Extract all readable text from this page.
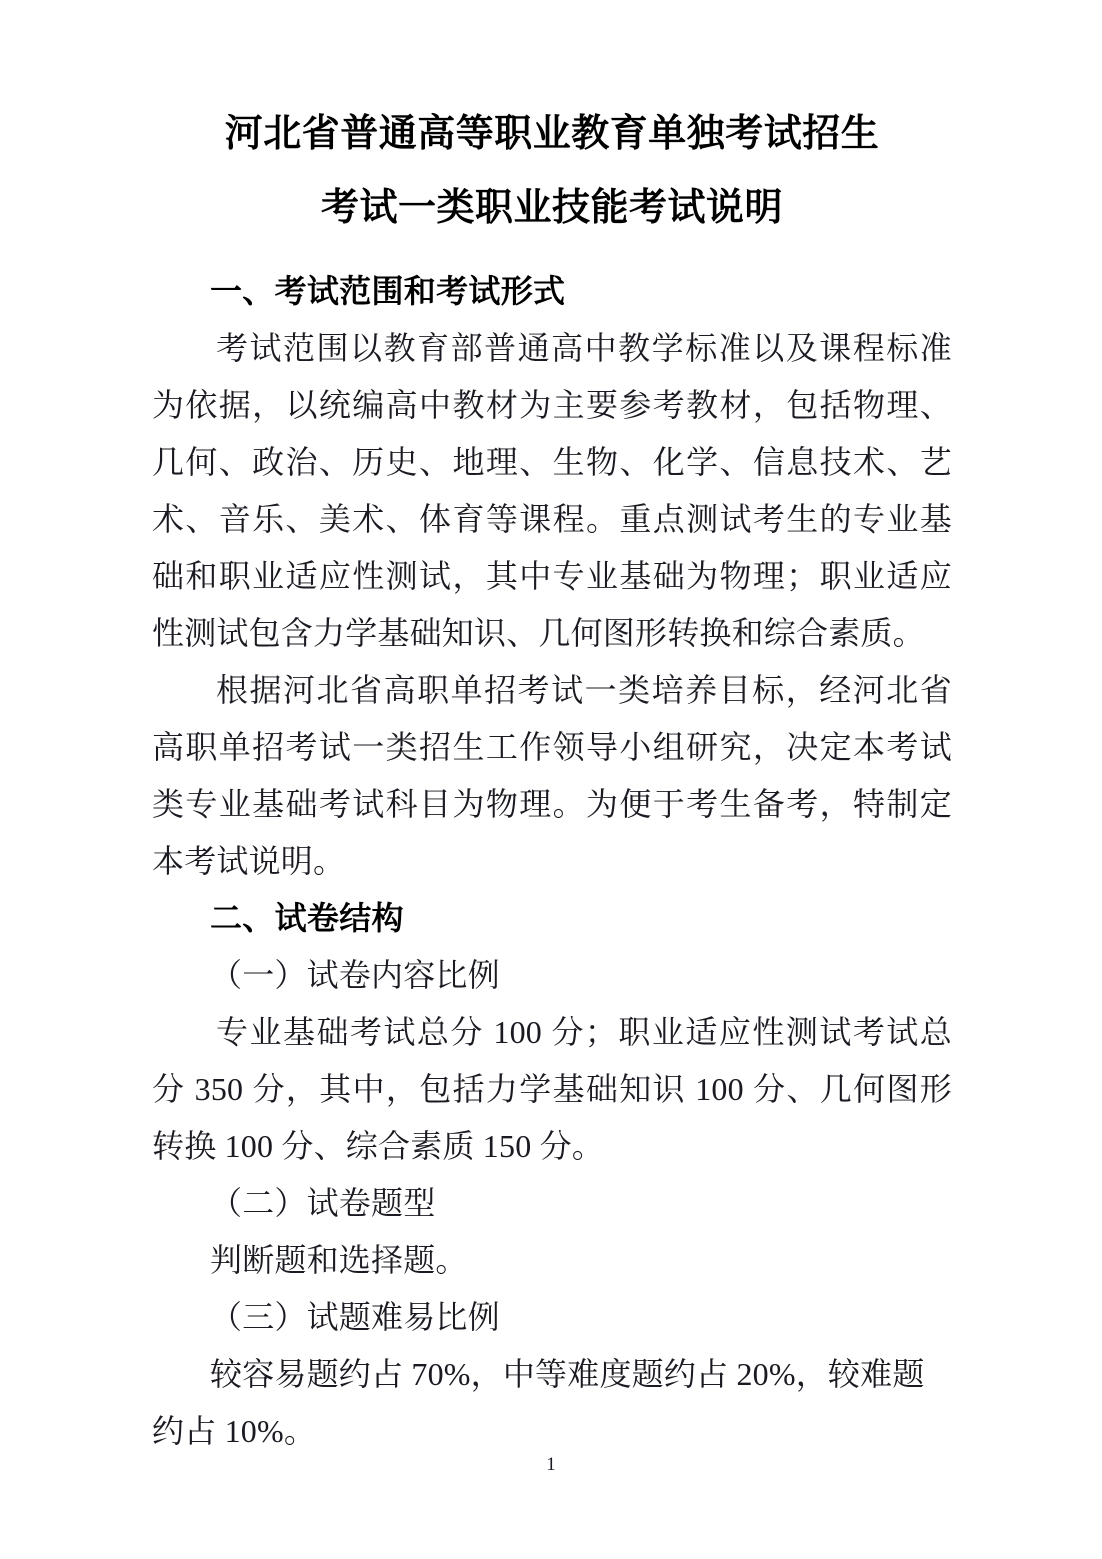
河北省普通高等职业教育单独考试招生
考试一类职业技能考试说明
一、考试范围和考试形式

考试范围以教育部普通高中教学标准以及课程标准为依据，以统编高中教材为主要参考教材，包括物理、几何、政治、历史、地理、生物、化学、信息技术、艺术、音乐、美术、体育等课程。重点测试考生的专业基础和职业适应性测试，其中专业基础为物理；职业适应性测试包含力学基础知识、几何图形转换和综合素质。

根据河北省高职单招考试一类培养目标，经河北省高职单招考试一类招生工作领导小组研究，决定本考试类专业基础考试科目为物理。为便于考生备考，特制定本考试说明。

二、试卷结构

（一）试卷内容比例

专业基础考试总分 100 分；职业适应性测试考试总分 350 分，其中，包括力学基础知识 100 分、几何图形转换 100 分、综合素质 150 分。

（二）试卷题型

判断题和选择题。

（三）试题难易比例

较容易题约占 70%，中等难度题约占 20%，较难题约占 10%。

1
